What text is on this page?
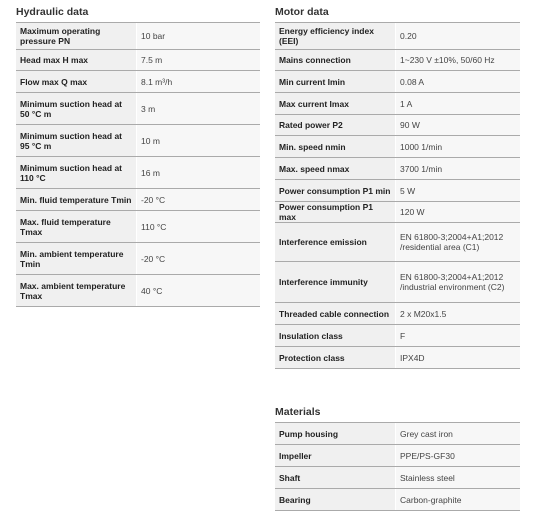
Hydraulic data
Maximum operating pressure PN	10 bar
Head max H max	7.5 m
Flow max Q max	8.1 m³/h
Minimum suction head at 50 °C m	3 m
Minimum suction head at 95 °C m	10 m
Minimum suction head at 110 °C	16 m
Min. fluid temperature Tmin	-20 °C
Max. fluid temperature Tmax	110 °C
Min. ambient temperature Tmin	-20 °C
Max. ambient temperature Tmax	40 °C
Motor data
Energy efficiency index (EEI)	0.20
Mains connection	1~230 V ±10%, 50/60 Hz
Min current Imin	0.08 A
Max current Imax	1 A
Rated power P2	90 W
Min. speed nmin	1000 1/min
Max. speed nmax	3700 1/min
Power consumption P1 min	5 W
Power consumption P1 max	120 W
Interference emission	EN 61800-3;2004+A1;2012 /residential area (C1)
Interference immunity	EN 61800-3;2004+A1;2012 /industrial environment (C2)
Threaded cable connection	2 x M20x1.5
Insulation class	F
Protection class	IPX4D
Materials
Pump housing	Grey cast iron
Impeller	PPE/PS-GF30
Shaft	Stainless steel
Bearing	Carbon-graphite
